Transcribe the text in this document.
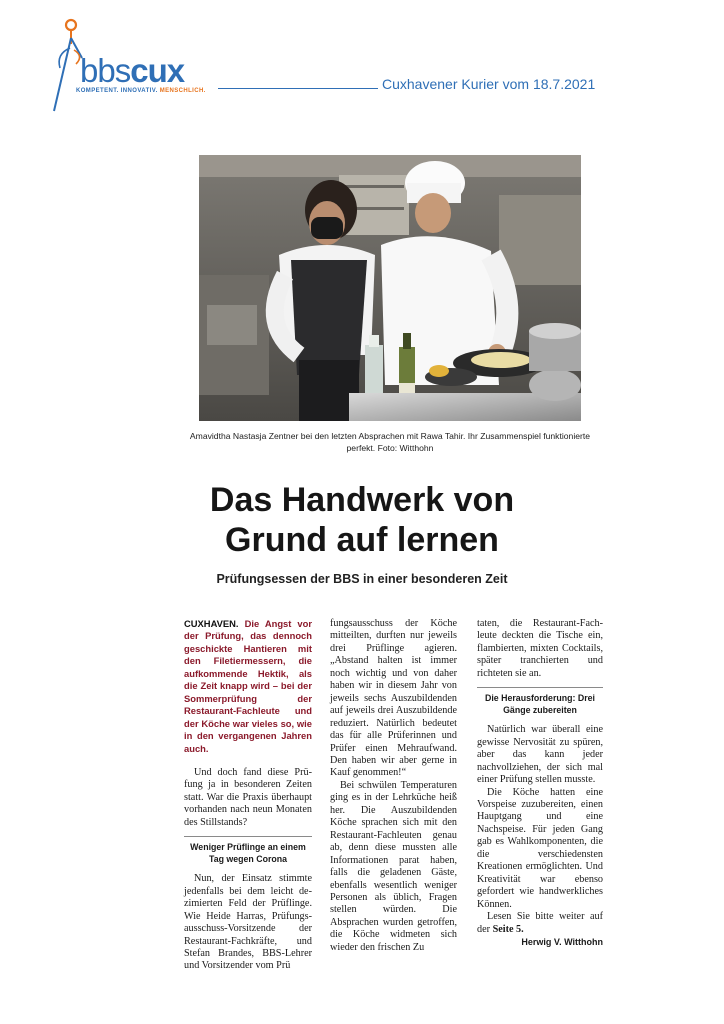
bbscux
KOMPETENT. INNOVATIV. MENSCHLICH.	Cuxhavener Kurier vom 18.7.2021
Amavidtha Nastasja Zentner bei den letzten Absprachen mit Rawa Tahir. Ihr Zusammenspiel funktionierte perfekt. Foto: Witthohn
Das Handwerk von
Grund auf lernen
Prüfungsessen der BBS in einer besonderen Zeit

CUXHAVEN. Die Angst vor der Prüfung, das dennoch geschickte Hantieren mit den Filetiermessern, die aufkommende Hektik, als die Zeit knapp wird – bei der Sommerprüfung der Restaurant-Fachleute und der Köche war vieles so, wie in den vergangenen Jahren auch.

Und doch fand diese Prüfung ja in besonderen Zeiten statt. War die Praxis überhaupt vorhanden nach neun Monaten des Stillstands?

Weniger Prüflinge an einem Tag wegen Corona

Nun, der Einsatz stimmte jedenfalls bei dem leicht dezimierten Feld der Prüflinge. Wie Heide Harras, Prüfungsausschuss-Vorsitzende der Restaurant-Fachkräfte, und Stefan Brandes, BBS-Lehrer und Vorsitzender vom Prü

fungsausschuss der Köche mitteilten, durften nur jeweils drei Prüflinge agieren. „Abstand halten ist immer noch wichtig und von daher haben wir in diesem Jahr von jeweils sechs Auszubildenden auf jeweils drei Auszubildende reduziert. Natürlich bedeutet das für alle Prüferinnen und Prüfer einen Mehraufwand. Den haben wir aber gerne in Kauf genommen!“

Bei schwülen Temperaturen ging es in der Lehrküche heiß her. Die Auszubildenden Köche sprachen sich mit den Restaurant-Fachleuten genau ab, denn diese mussten alle Informationen parat haben, falls die geladenen Gäste, ebenfalls wesentlich weniger Personen als üblich, Fragen stellen würden. Die Absprachen wurden getroffen, die Köche widmeten sich wieder den frischen Zu

taten, die Restaurant-Fachleute deckten die Tische ein, flambierten, mixten Cocktails, später tranchierten und richteten sie an.

Die Herausforderung: Drei Gänge zubereiten

Natürlich war überall eine gewisse Nervosität zu spüren, aber das kann jeder nachvollziehen, der sich mal einer Prüfung stellen musste.

Die Köche hatten eine Vorspeise zuzubereiten, einen Hauptgang und eine Nachspeise. Für jeden Gang gab es Wahlkomponenten, die die verschiedensten Kreationen ermöglichten. Und Kreativität war ebenso gefordert wie handwerkliches Können.

Lesen Sie bitte weiter auf der Seite 5.

Herwig V. Witthohn
